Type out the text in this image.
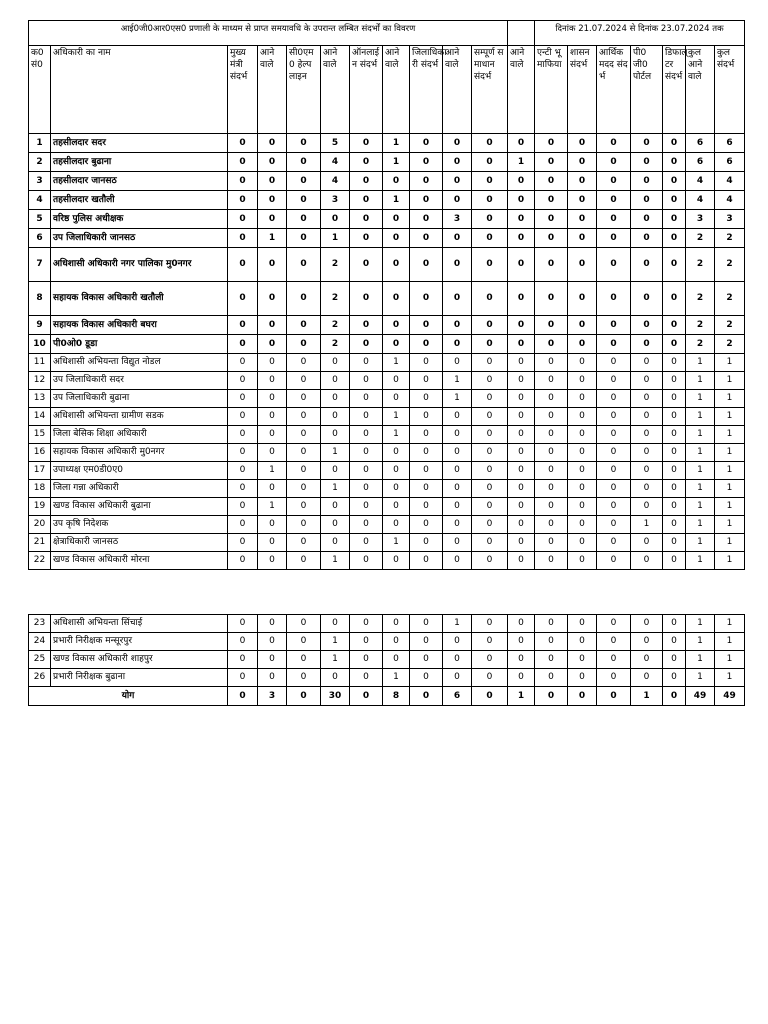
आई0जी0आर0एस0 प्रणाली के माध्यम से प्राप्त समयावधि के उपरान्त लम्बित संदर्भों का विवरण												दिनांक 21.07.2024 से दिनांक 23.07.2024 तक						
क0 सं0	अधिकारी का नाम	मुख्यमंत्री संदर्भ	आने वाले	सी0एम0 हेल्पलाइन	आने वाले	ऑनलाईन संदर्भ	आने वाले	जिलाधिकारी संदर्भ	आने वाले	सम्पूर्ण समाधान संदर्भ	आने वाले	एन्टी भू माफिया	शासन संदर्भ	आर्थिक मदद संदर्भ	पी0जी0 पोर्टल	डिफाल्टर संदर्भ	कुल आने वाले	कुल संदर्भ
1	तहसीलदार सदर	0	0	0	5	0	1	0	0	0	0	0	0	0	0	0	6	6
2	तहसीलदार बुढाना	0	0	0	4	0	1	0	0	0	1	0	0	0	0	0	6	6
3	तहसीलदार जानसठ	0	0	0	4	0	0	0	0	0	0	0	0	0	0	0	4	4
4	तहसीलदार खतौली	0	0	0	3	0	1	0	0	0	0	0	0	0	0	0	4	4
5	वरिष्ठ पुलिस अधीक्षक	0	0	0	0	0	0	0	3	0	0	0	0	0	0	0	3	3
6	उप जिलाधिकारी जानसठ	0	1	0	1	0	0	0	0	0	0	0	0	0	0	0	2	2
7	अधिशासी अधिकारी नगर पालिका मु0नगर	0	0	0	2	0	0	0	0	0	0	0	0	0	0	0	2	2
8	सहायक विकास अधिकारी खतौली	0	0	0	2	0	0	0	0	0	0	0	0	0	0	0	2	2
9	सहायक विकास अधिकारी बघरा	0	0	0	2	0	0	0	0	0	0	0	0	0	0	0	2	2
10	पी0ओ0 डूडा	0	0	0	2	0	0	0	0	0	0	0	0	0	0	0	2	2
11	अधिशासी अभियन्ता विद्युत नोडल	0	0	0	0	0	1	0	0	0	0	0	0	0	0	0	1	1
12	उप जिलाधिकारी सदर	0	0	0	0	0	0	0	1	0	0	0	0	0	0	0	1	1
13	उप जिलाधिकारी बुढाना	0	0	0	0	0	0	0	1	0	0	0	0	0	0	0	1	1
14	अधिशासी अभियन्ता ग्रामीण सडक	0	0	0	0	0	1	0	0	0	0	0	0	0	0	0	1	1
15	जिला बेसिक शिक्षा अधिकारी	0	0	0	0	0	1	0	0	0	0	0	0	0	0	0	1	1
16	सहायक विकास अधिकारी मु0नगर	0	0	0	1	0	0	0	0	0	0	0	0	0	0	0	1	1
17	उपाध्यक्ष एम0डी0ए0	0	1	0	0	0	0	0	0	0	0	0	0	0	0	0	1	1
18	जिला गन्ना अधिकारी	0	0	0	1	0	0	0	0	0	0	0	0	0	0	0	1	1
19	खण्ड विकास अधिकारी बुढाना	0	1	0	0	0	0	0	0	0	0	0	0	0	0	0	1	1
20	उप कृषि निदेशक	0	0	0	0	0	0	0	0	0	0	0	0	0	1	0	1	1
21	क्षेत्राधिकारी जानसठ	0	0	0	0	0	1	0	0	0	0	0	0	0	0	0	1	1
22	खण्ड विकास अधिकारी मोरना	0	0	0	1	0	0	0	0	0	0	0	0	0	0	0	1	1
23	अधिशासी अभियन्ता सिंचाई	0	0	0	0	0	0	0	1	0	0	0	0	0	0	0	1	1
24	प्रभारी निरीक्षक मन्सूरपुर	0	0	0	1	0	0	0	0	0	0	0	0	0	0	0	1	1
25	खण्ड विकास अधिकारी शाहपुर	0	0	0	1	0	0	0	0	0	0	0	0	0	0	0	1	1
26	प्रभारी निरीक्षक बुढाना	0	0	0	0	0	1	0	0	0	0	0	0	0	0	0	1	1
योग		0	3	0	30	0	8	0	6	0	1	0	0	0	1	0	49	49
